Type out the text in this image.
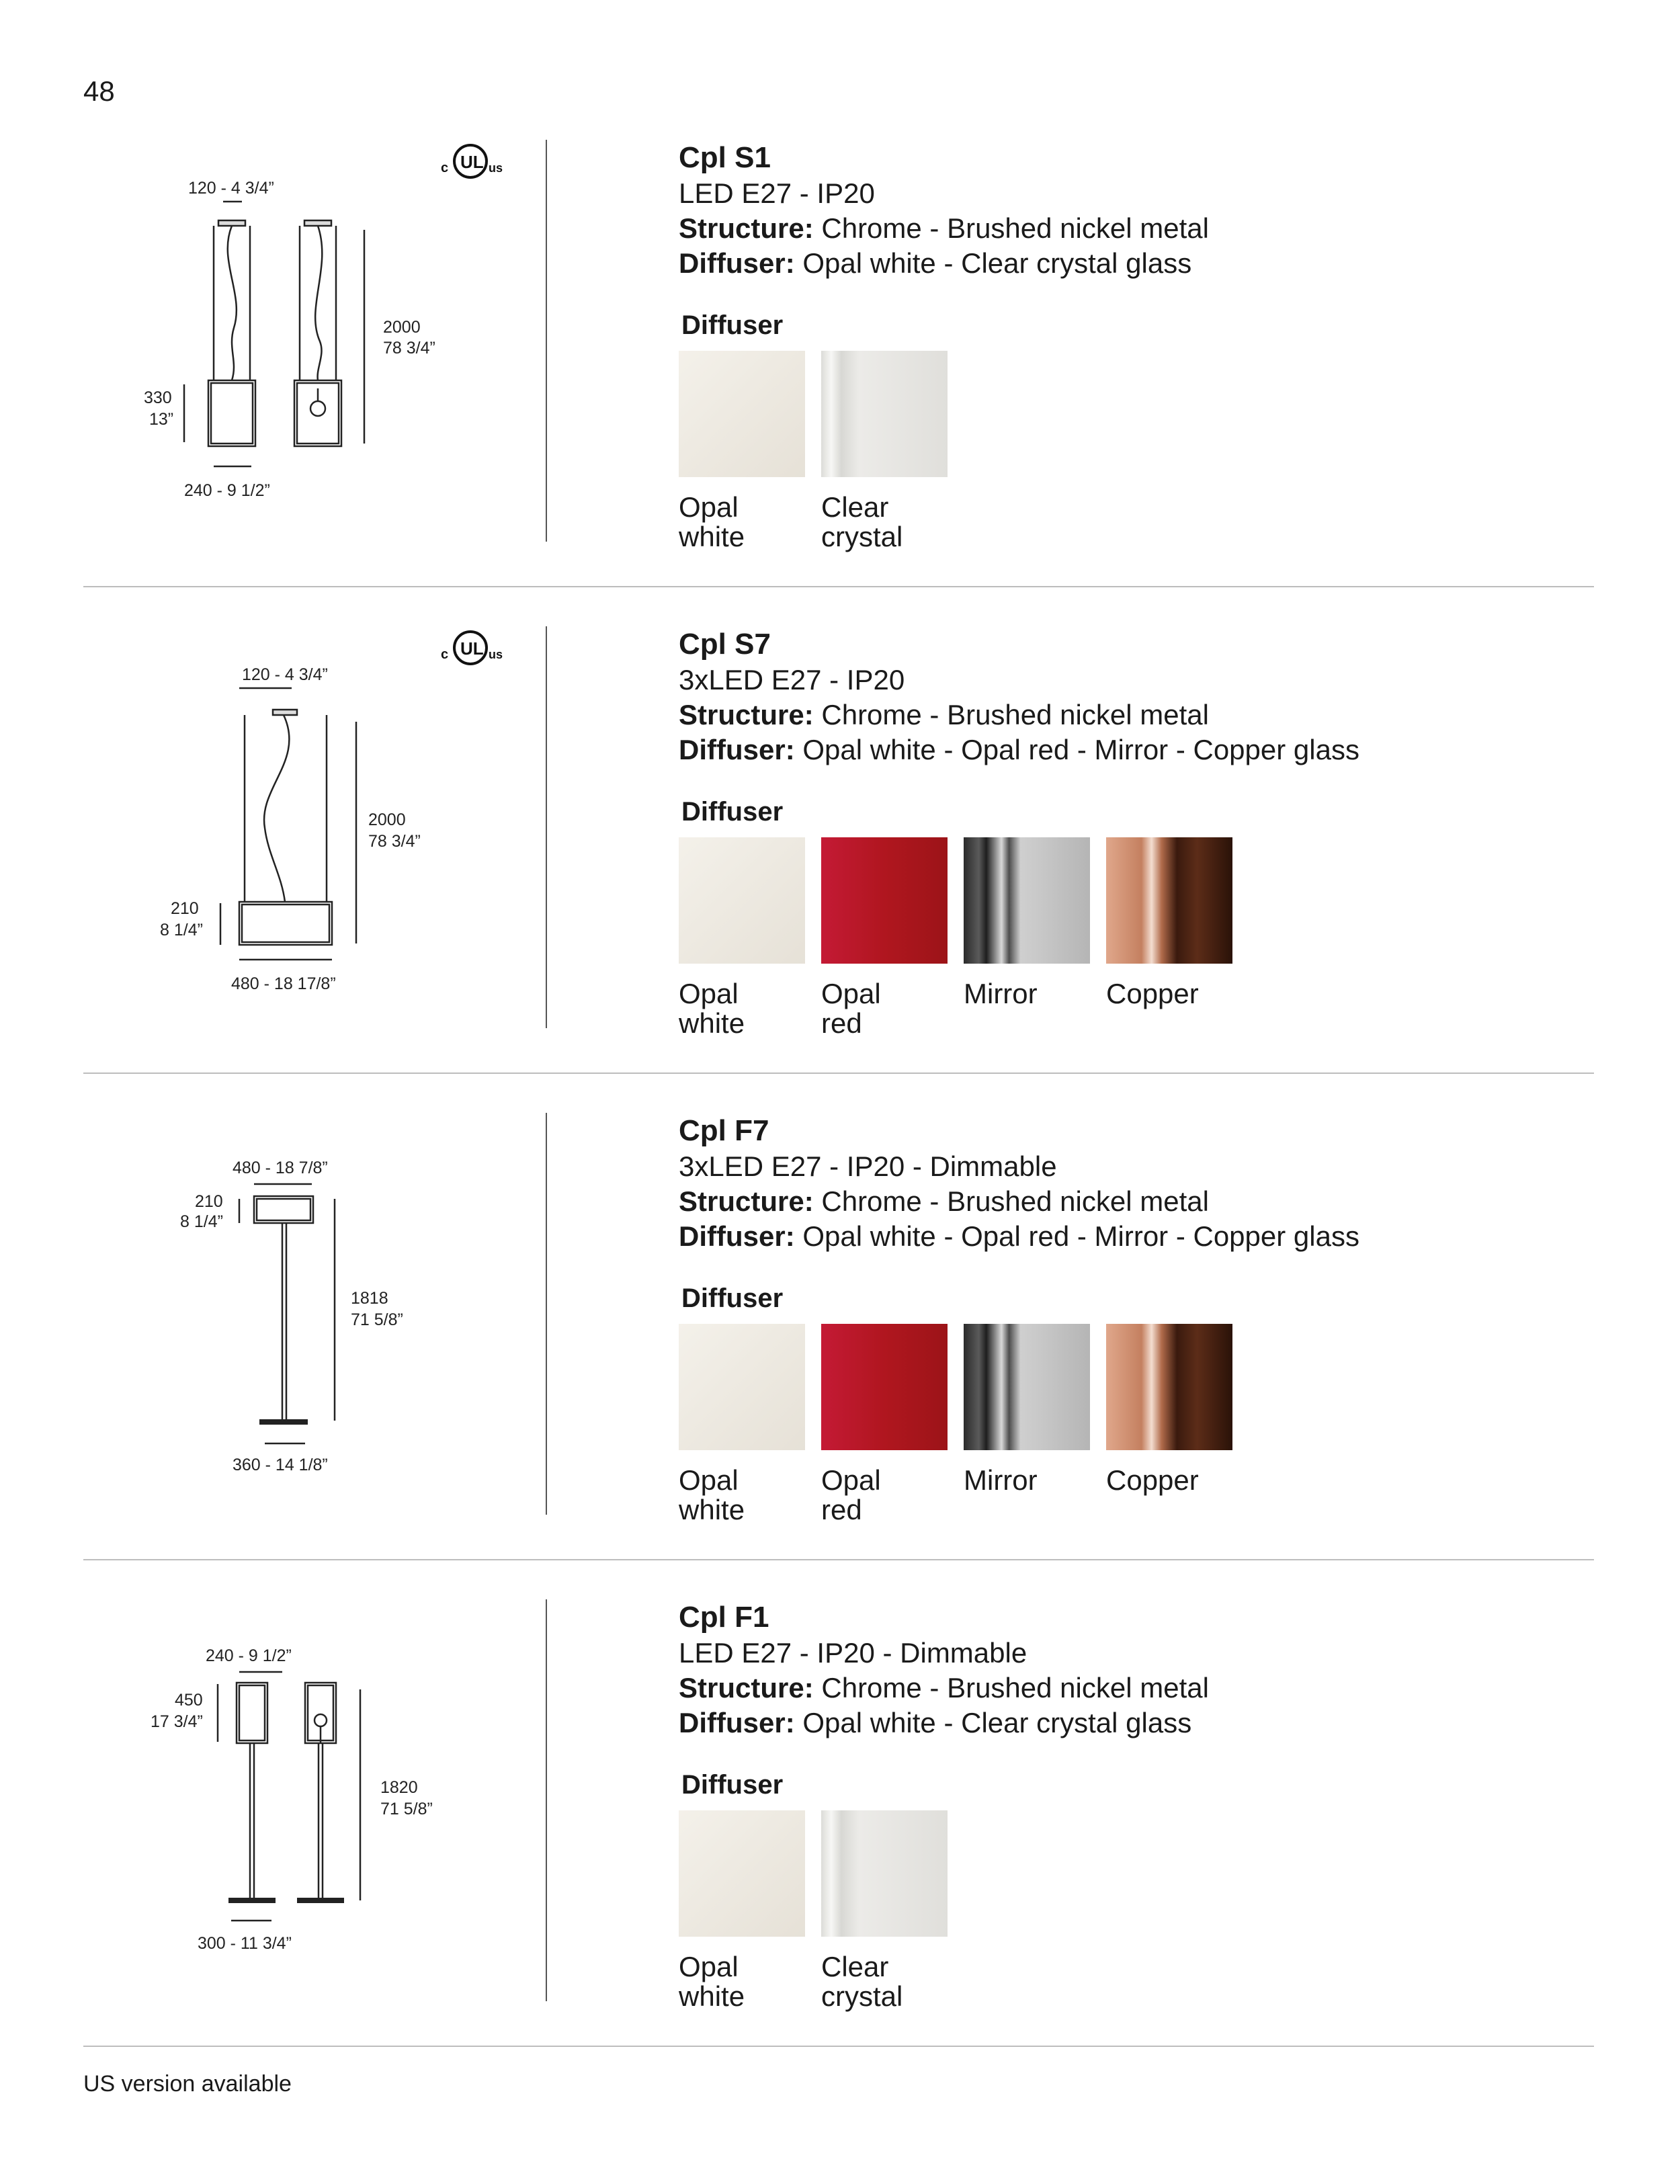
48
120 - 4 3/4”
2000
78 3/4”
330
13”
240 - 9 1/2”
UL
c	us	Cpl S1
LED E27 - IP20
Structure: Chrome - Brushed nickel metal
Diffuser: Opal white - Clear crystal glass
Diffuser
Opal
white
Clear
crystal
120 - 4 3/4”
2000
78 3/4”
210
8 1/4”
480 - 18 17/8”
UL
c	us	Cpl S7
3xLED E27 - IP20
Structure: Chrome - Brushed nickel metal
Diffuser: Opal white - Opal red - Mirror - Copper glass
Diffuser
Opal
white
Opal
red
Mirror	Copper
480 - 18 7/8”
1818
71 5/8”
210
8 1/4”
360 - 14 1/8”
Cpl F7
3xLED E27 - IP20 - Dimmable
Structure: Chrome - Brushed nickel metal
Diffuser: Opal white - Opal red - Mirror - Copper glass
Diffuser
Opal
white
Opal
red
Mirror	Copper
240 - 9 1/2”
1820
71 5/8”
450
17 3/4”
300 - 11 3/4”
Cpl F1
LED E27 - IP20 - Dimmable
Structure: Chrome - Brushed nickel metal
Diffuser: Opal white - Clear crystal glass
Diffuser
Opal
white
Clear
crystal
US version available
